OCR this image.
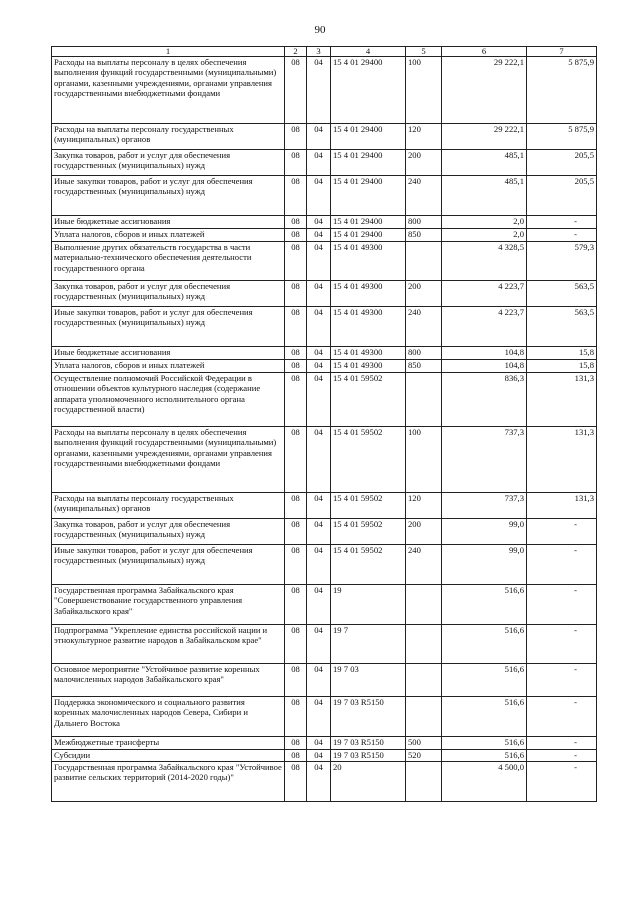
90
1	2	3	4	5	6	7
Расходы на выплаты персоналу в целях обеспечения выполнения функций государственными (муниципальными) органами, казенными учреждениями, органами управления государственными внебюджетными фондами	08	04	15 4 01 29400	100	29 222,1	5 875,9
Расходы на выплаты персоналу государственных (муниципальных) органов	08	04	15 4 01 29400	120	29 222,1	5 875,9
Закупка товаров, работ и услуг для обеспечения государственных (муниципальных) нужд	08	04	15 4 01 29400	200	485,1	205,5
Иные закупки товаров, работ и услуг для обеспечения государственных (муниципальных) нужд	08	04	15 4 01 29400	240	485,1	205,5
Иные бюджетные ассигнования	08	04	15 4 01 29400	800	2,0	-
Уплата налогов, сборов и иных платежей	08	04	15 4 01 29400	850	2,0	-
Выполнение других обязательств государства в части материально-технического обеспечения деятельности государственного органа	08	04	15 4 01 49300		4 328,5	579,3
Закупка товаров, работ и услуг для обеспечения государственных (муниципальных) нужд	08	04	15 4 01 49300	200	4 223,7	563,5
Иные закупки товаров, работ и услуг для обеспечения государственных (муниципальных) нужд	08	04	15 4 01 49300	240	4 223,7	563,5
Иные бюджетные ассигнования	08	04	15 4 01 49300	800	104,8	15,8
Уплата налогов, сборов и иных платежей	08	04	15 4 01 49300	850	104,8	15,8
Осуществление полномочий Российской Федерации в отношении объектов культурного наследия (содержание аппарата уполномоченного исполнительного органа государственной власти)	08	04	15 4 01 59502		836,3	131,3
Расходы на выплаты персоналу в целях обеспечения выполнения функций государственными (муниципальными) органами, казенными учреждениями, органами управления государственными внебюджетными фондами	08	04	15 4 01 59502	100	737,3	131,3
Расходы на выплаты персоналу государственных (муниципальных) органов	08	04	15 4 01 59502	120	737,3	131,3
Закупка товаров, работ и услуг для обеспечения государственных (муниципальных) нужд	08	04	15 4 01 59502	200	99,0	-
Иные закупки товаров, работ и услуг для обеспечения государственных (муниципальных) нужд	08	04	15 4 01 59502	240	99,0	-
Государственная программа Забайкальского края "Совершенствование государственного управления Забайкальского края"	08	04	19		516,6	-
Подпрограмма "Укрепление единства российской нации и этнокультурное развитие народов в Забайкальском крае"	08	04	19 7		516,6	-
Основное мероприятие "Устойчивое развитие коренных малочисленных народов Забайкальского края"	08	04	19 7 03		516,6	-
Поддержка экономического и социального развития коренных малочисленных народов Севера, Сибири и Дальнего Востока	08	04	19 7 03 R5150		516,6	-
Межбюджетные трансферты	08	04	19 7 03 R5150	500	516,6	-
Субсидии	08	04	19 7 03 R5150	520	516,6	-
Государственная программа Забайкальского края "Устойчивое развитие сельских территорий (2014-2020 годы)"	08	04	20		4 500,0	-
